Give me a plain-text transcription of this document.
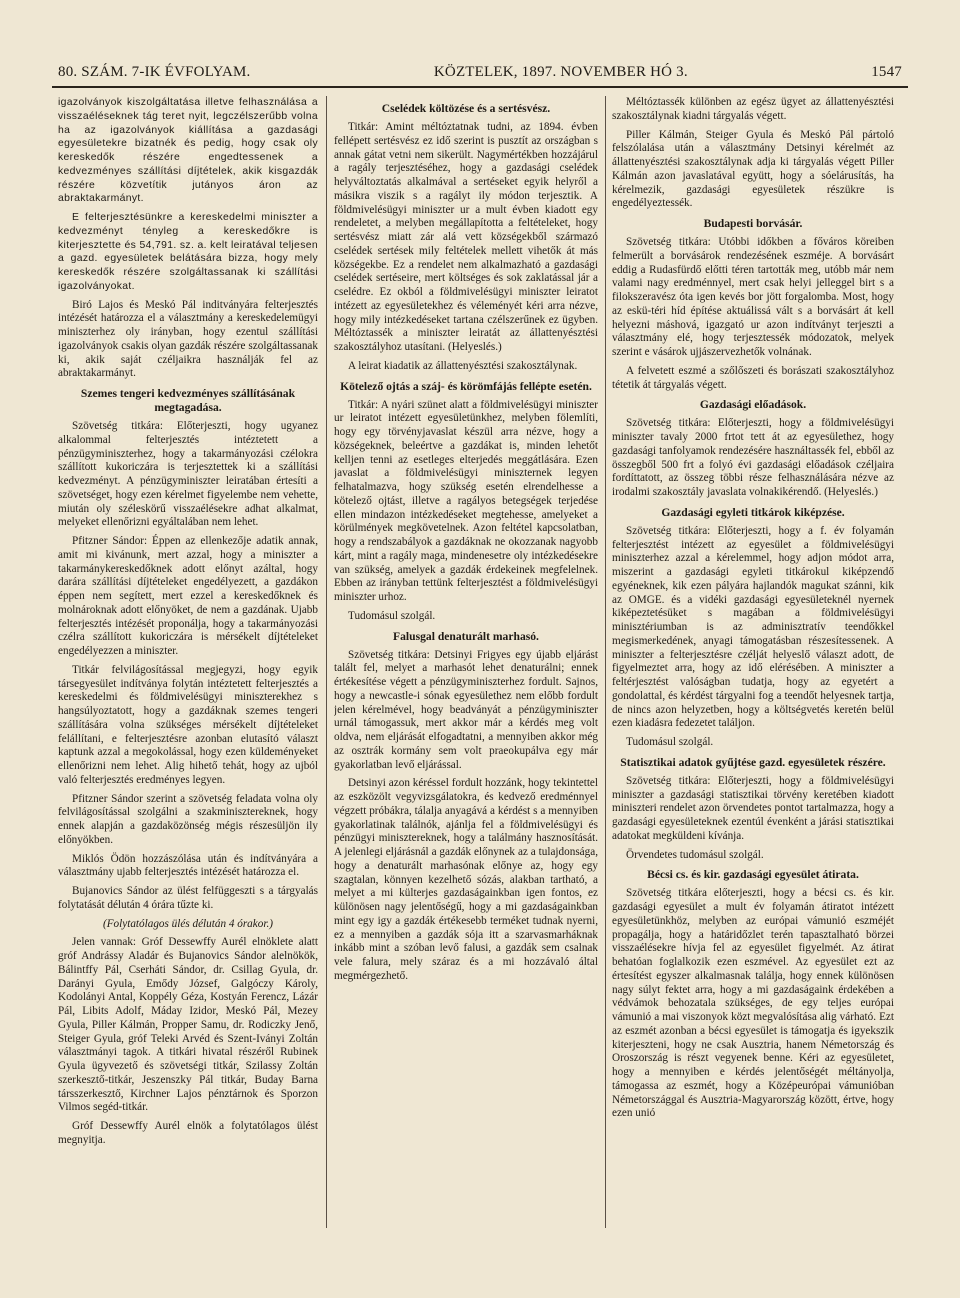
80. SZÁM. 7-IK ÉVFOLYAM.	KÖZTELEK, 1897. NOVEMBER HÓ 3.	1547

igazolványok kiszolgáltatása illetve felhasználása a visszaéléseknek tág teret nyit, legczélszerűbb volna ha az igazolványok kiállítása a gazdasági egyesületekre bizatnék és pedig, hogy csak oly kereskedők részére engedtessenek a kedvezményes szállítási díjtételek, akik kisgazdák részére közvetítik jutányos áron az abraktakarmányt.

E felterjesztésünkre a kereskedelmi miniszter a kedvezményt tényleg a kereskedőkre is kiterjesztette és 54,791. sz. a. kelt leiratával teljesen a gazd. egyesületek belátására bizza, hogy mely kereskedők részére szolgáltassanak ki szállítási igazolványokat.

Biró Lajos és Meskó Pál inditványára felterjesztés intézését határozza el a választmány a kereskedelemügyi miniszterhez oly irányban, hogy ezentul szállítási igazolványok csakis olyan gazdák részére szolgáltassanak ki, akik saját czéljaikra használják fel az abraktakarmányt.

Szemes tengeri kedvezményes szállításának megtagadása.

Szövetség titkára: Előterjeszti, hogy ugyanez alkalommal felterjesztés intéztetett a pénzügyminiszterhez, hogy a takarmányozási czélokra szállított kukoriczára is terjesztettek ki a szállítási kedvezményt. A pénzügyminiszter leiratában értesíti a szövetséget, hogy ezen kérelmet figyelembe nem vehette, miután oly széleskörű visszaélésekre adhat alkalmat, melyeket ellenőrizni egyáltalában nem lehet.

Pfitzner Sándor: Éppen az ellenkezője adatik annak, amit mi kivánunk, mert azzal, hogy a miniszter a takarmánykereskedőknek adott előnyt azáltal, hogy darára szállítási díjtételeket engedélyezett, a gazdákon éppen nem segített, mert ezzel a kereskedőknek és molnároknak adott előnyöket, de nem a gazdának. Ujabb felterjesztés intézését proponálja, hogy a takarmányozási czélra szállított kukoriczára is mérsékelt díjtételeket engedélyezzen a miniszter.

Titkár felvilágosítással megjegyzi, hogy egyik társegyesület indítványa folytán intéztetett felterjesztés a kereskedelmi és földmivelésügyi miniszterekhez s hangsúlyoztatott, hogy a gazdáknak szemes tengeri szállítására volna szükséges mérsékelt díjtételeket felállítani, e felterjesztésre azonban elutasító választ kaptunk azzal a megokolással, hogy ezen küldeményeket ellenőrizni nem lehet. Alig hihető tehát, hogy az ujból való felterjesztés eredményes legyen.

Pfitzner Sándor szerint a szövetség feladata volna oly felvilágosítással szolgálni a szakminisztereknek, hogy ennek alapján a gazdaközönség mégis részesüljön ily előnyökben.

Miklós Ödön hozzászólása után és indítványára a választmány ujabb felterjesztés intézését határozza el.

Bujanovics Sándor az ülést felfüggeszti s a tárgyalás folytatását délután 4 órára tűzte ki.

(Folytatólagos ülés délután 4 órakor.)

Jelen vannak: Gróf Dessewffy Aurél elnöklete alatt gróf Andrássy Aladár és Bujanovics Sándor alelnökök, Bálintffy Pál, Cserháti Sándor, dr. Csillag Gyula, dr. Darányi Gyula, Emődy József, Galgóczy Károly, Kodolányi Antal, Koppély Géza, Kostyán Ferencz, Lázár Pál, Libits Adolf, Máday Izidor, Meskó Pál, Mezey Gyula, Piller Kálmán, Propper Samu, dr. Rodiczky Jenő, Steiger Gyula, gróf Teleki Arvéd és Szent-Iványi Zoltán választmányi tagok. A titkári hivatal részéről Rubinek Gyula ügyvezető és szövetségi titkár, Szilassy Zoltán szerkesztő-titkár, Jeszenszky Pál titkár, Buday Barna társszerkesztő, Kirchner Lajos pénztárnok és Sporzon Vilmos segéd-titkár.

Gróf Dessewffy Aurél elnök a folytatólagos ülést megnyitja.

Cselédek költözése és a sertésvész.

Titkár: Amint méltóztatnak tudni, az 1894. évben fellépett sertésvész ez idő szerint is pusztít az országban s annak gátat vetni nem sikerült. Nagymértékben hozzájárul a ragály terjesztéséhez, hogy a gazdasági cselédek helyváltoztatás alkalmával a sertéseket egyik helyről a másikra viszik s a ragályt ily módon terjesztik. A földmivelésügyi miniszter ur a mult évben kiadott egy rendeletet, a melyben megállapította a feltételeket, hogy sertésvész miatt zár alá vett községekből származó cselédek sertések mily feltételek mellett vihetők át más községekbe. Ez a rendelet nem alkalmazható a gazdasági cselédek sertéseire, mert költséges és sok zaklatással jár a cselédre. Ez okból a földmivelésügyi miniszter leiratot intézett az egyesületekhez és véleményét kéri arra nézve, hogy mily intézkedéseket tartana czélszerűnek ez ügyben. Méltóztassék a miniszter leiratát az állattenyésztési szakosztályhoz utasítani. (Helyeslés.)

A leirat kiadatik az állattenyésztési szakosztálynak.

Kötelező ojtás a száj- és körömfájás fellépte esetén.

Titkár: A nyári szünet alatt a földmivelésügyi miniszter ur leiratot intézett egyesületünkhez, melyben fölemlíti, hogy egy törvényjavaslat készül arra nézve, hogy a községeknek, beleértve a gazdákat is, minden lehetőt kelljen tenni az esetleges elterjedés meggátlására. Ezen javaslat a földmivelésügyi miniszternek legyen felhatalmazva, hogy szükség esetén elrendelhesse a kötelező ojtást, illetve a ragályos betegségek terjedése ellen mindazon intézkedéseket megtehesse, amelyeket a körülmények megkövetelnek. Azon feltétel kapcsolatban, hogy a rendszabályok a gazdáknak ne okozzanak nagyobb kárt, mint a ragály maga, mindenesetre oly intézkedésekre van szükség, amelyek a gazdák érdekeinek megfelelnek. Ebben az irányban tettünk felterjesztést a földmivelésügyi miniszter urhoz.

Tudomásul szolgál.

Falusgal denaturált marhasó.

Szövetség titkára: Detsinyi Frigyes egy újabb eljárást talált fel, melyet a marhasót lehet denaturálni; ennek értékesítése végett a pénzügyminiszterhez fordult. Sajnos, hogy a newcastle-i sónak egyesülethez nem előbb fordult jelen kérelmével, hogy beadványát a pénzügyminiszter urnál támogassuk, mert akkor már a kérdés meg volt oldva, nem eljárását elfogadtatni, a mennyiben akkor még az osztrák kormány sem volt praeokupálva egy már gyakorlatban levő eljárással.

Detsinyi azon kéréssel fordult hozzánk, hogy tekintettel az eszközölt vegyvizsgálatokra, és kedvező eredménnyel végzett próbákra, tálalja anyagává a kérdést s a mennyiben gyakorlatinak találnók, ajánlja fel a földmivelésügyi és pénzügyi minisztereknek, hogy a találmány hasznosítását. A jelenlegi eljárásnál a gazdák előnynek az a tulajdonsága, hogy a denaturált marhasónak előnye az, hogy egy szagtalan, könnyen kezelhető sózás, alakban tartható, a melyet a mi külterjes gazdaságainkban igen fontos, ez különösen nagy jelentőségű, hogy a mi gazdaságainkban mint egy igy a gazdák értékesebb terméket tudnak nyerni, ez a mennyiben a gazdák sója itt a szarvasmarháknak inkább mint a szóban levő falusi, a gazdák sem csalnak vele falura, mely száraz és a mi hozzávaló által megmérgezhető.

Méltóztassék különben az egész ügyet az állattenyésztési szakosztálynak kiadni tárgyalás végett.

Piller Kálmán, Steiger Gyula és Meskó Pál pártoló felszólalása után a választmány Detsinyi kérelmét az állattenyésztési szakosztálynak adja ki tárgyalás végett Piller Kálmán azon javaslatával együtt, hogy a sóelárusítás, ha kérelmezik, gazdasági egyesületek részükre is engedélyeztessék.

Budapesti borvásár.

Szövetség titkára: Utóbbi időkben a főváros köreiben felmerült a borvásárok rendezésének eszméje. A borvásárt eddig a Rudasfürdő előtti téren tartották meg, utóbb már nem valami nagy eredménnyel, mert csak helyi jelleggel birt s a filokszeravész óta igen kevés bor jött forgalomba. Most, hogy az eskü-téri híd építése aktuálissá vált s a borvásárt át kell helyezni máshová, igazgató ur azon indítványt terjeszti a választmány elé, hogy terjesztessék módozatok, melyek szerint e vásárok ujjászervezhetők volnának.

A felvetett eszmé a szőlőszeti és borászati szakosztályhoz tétetik át tárgyalás végett.

Gazdasági előadások.

Szövetség titkára: Előterjeszti, hogy a földmivelésügyi miniszter tavaly 2000 frtot tett át az egyesülethez, hogy gazdasági tanfolyamok rendezésére használtassék fel, ebből az összegből 500 frt a folyó évi gazdasági előadások czéljaira fordíttatott, az összeg többi része felhasználására nézve az irodalmi szakosztály javaslata volnakikérendő. (Helyeslés.)

Gazdasági egyleti titkárok kiképzése.

Szövetség titkára: Előterjeszti, hogy a f. év folyamán felterjesztést intézett az egyesület a földmivelésügyi miniszterhez azzal a kérelemmel, hogy adjon módot arra, miszerint a gazdasági egyleti titkárokul kiképzendő egyéneknek, kik ezen pályára hajlandók magukat szánni, kik az OMGE. és a vidéki gazdasági egyesületeknél nyernek kiképeztetésüket s magában a földmivelésügyi minisztériumban is az adminisztratív teendőkkel megismerkedének, anyagi támogatásban részesítessenek. A miniszter a felterjesztésre czélját helyeslő választ adott, de figyelmeztet arra, hogy az idő elérésében. A miniszter a feltérjesztést valóságban tudatja, hogy az egyetért a gondolattal, és kérdést tárgyalni fog a teendőt helyesnek tartja, de nincs azon helyzetben, hogy a költségvetés keretén belül ezen kiadásra fedezetet találjon.

Tudomásul szolgál.

Statisztikai adatok gyűjtése gazd. egyesületek részére.

Szövetség titkára: Előterjeszti, hogy a földmivelésügyi miniszter a gazdasági statisztikai törvény keretében kiadott miniszteri rendelet azon örvendetes pontot tartalmazza, hogy a gazdasági egyesületeknek ezentúl évenként a járási statisztikai adatokat megküldeni kívánja.

Örvendetes tudomásul szolgál.

Bécsi cs. és kir. gazdasági egyesület átirata.

Szövetség titkára előterjeszti, hogy a bécsi cs. és kir. gazdasági egyesület a mult év folyamán átiratot intézett egyesületünkhöz, melyben az európai vámunió eszméjét propagálja, hogy a határidőzlet terén tapasztalható börzei visszaélésekre hívja fel az egyesület figyelmét. Az átirat behatóan foglalkozik ezen eszmével. Az egyesület ezt az értesítést egyszer alkalmasnak találja, hogy ennek különösen nagy súlyt fektet arra, hogy a mi gazdaságaink érdekében a védvámok behozatala szükséges, de egy teljes európai vámunió a mai viszonyok közt megvalósítása alig várható. Ezt az eszmét azonban a bécsi egyesület is támogatja és igyekszik kiterjeszteni, hogy ne csak Ausztria, hanem Németország és Oroszország is részt vegyenek benne. Kéri az egyesületet, hogy a mennyiben e kérdés jelentőségét méltányolja, támogassa az eszmét, hogy a Középeurópai vámunióban Németországgal és Ausztria-Magyarország között, értve, hogy ezen unió
